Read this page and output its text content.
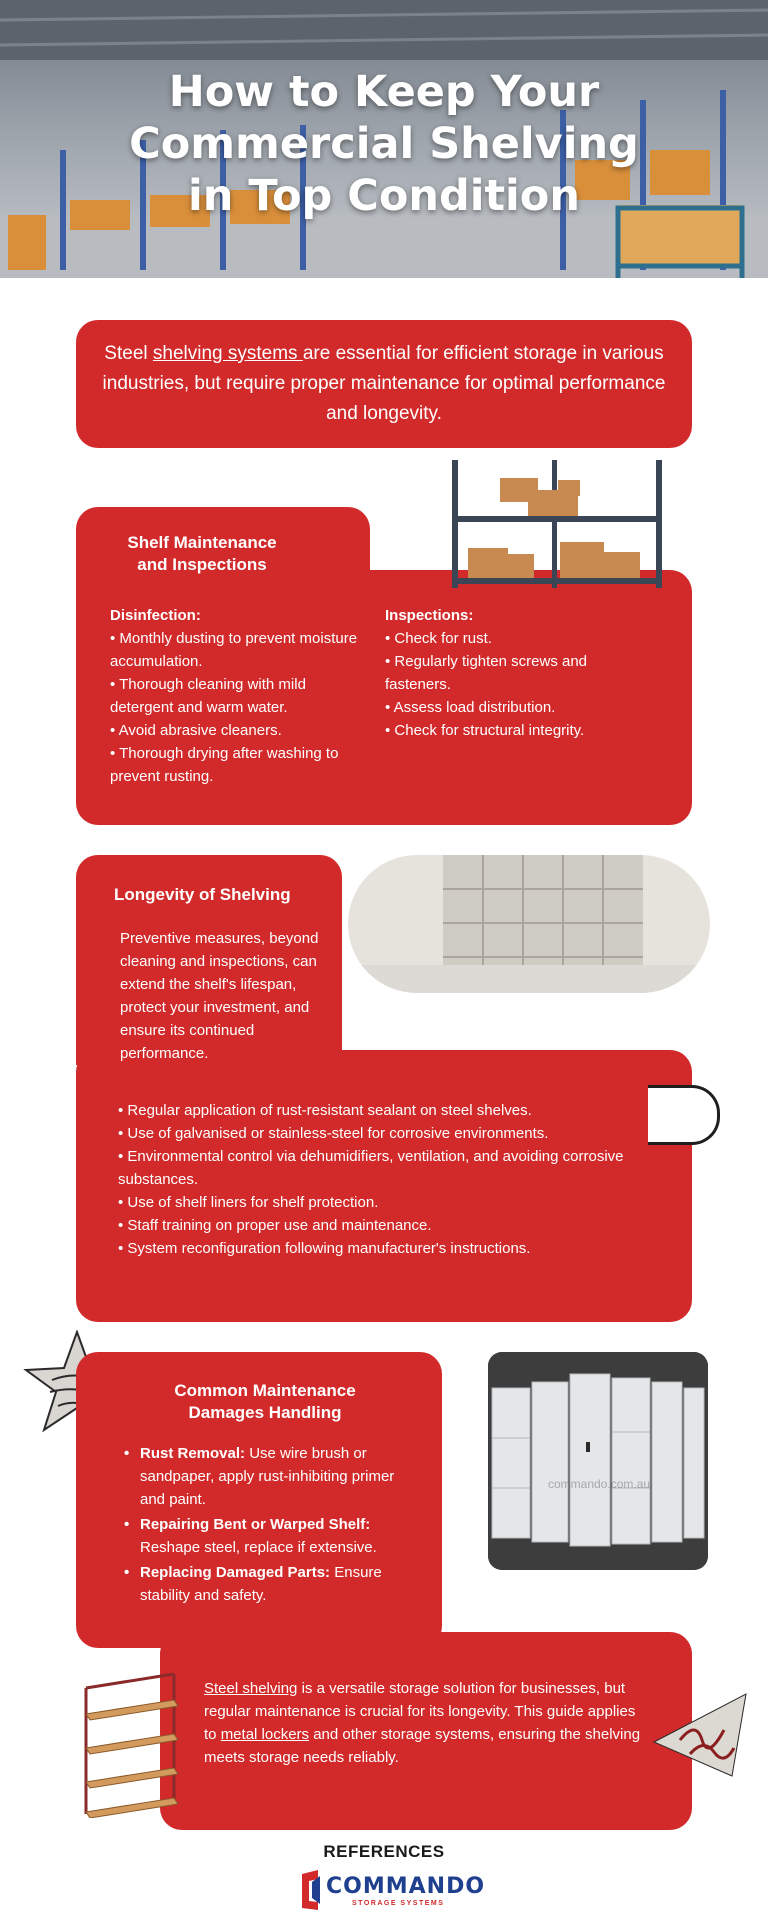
How to Keep Your
Commercial Shelving
in Top Condition

Steel shelving systems are essential for efficient storage in various industries, but require proper maintenance for optimal performance and longevity.

Shelf Maintenance
and Inspections
Disinfection:
• Monthly dusting to prevent moisture accumulation.
• Thorough cleaning with mild detergent and warm water.
• Avoid abrasive cleaners.
• Thorough drying after washing to prevent rusting.
Inspections:
• Check for rust.
• Regularly tighten screws and fasteners.
• Assess load distribution.
• Check for structural integrity.
Longevity of Shelving
Preventive measures, beyond cleaning and inspections, can extend the shelf's lifespan, protect your investment, and ensure its continued performance.
• Regular application of rust-resistant sealant on steel shelves.
• Use of galvanised or stainless-steel for corrosive environments.
• Environmental control via dehumidifiers, ventilation, and avoiding corrosive substances.
• Use of shelf liners for shelf protection.
• Staff training on proper use and maintenance.
• System reconfiguration following manufacturer's instructions.
Common Maintenance
Damages Handling
• Rust Removal: Use wire brush or sandpaper, apply rust-inhibiting primer and paint.
• Repairing Bent or Warped Shelf: Reshape steel, replace if extensive.
• Replacing Damaged Parts: Ensure stability and safety.
commando.com.au
Steel shelving is a versatile storage solution for businesses, but regular maintenance is crucial for its longevity. This guide applies to metal lockers and other storage systems, ensuring the shelving meets storage needs reliably.
REFERENCES
COMMANDO
STORAGE SYSTEMS
